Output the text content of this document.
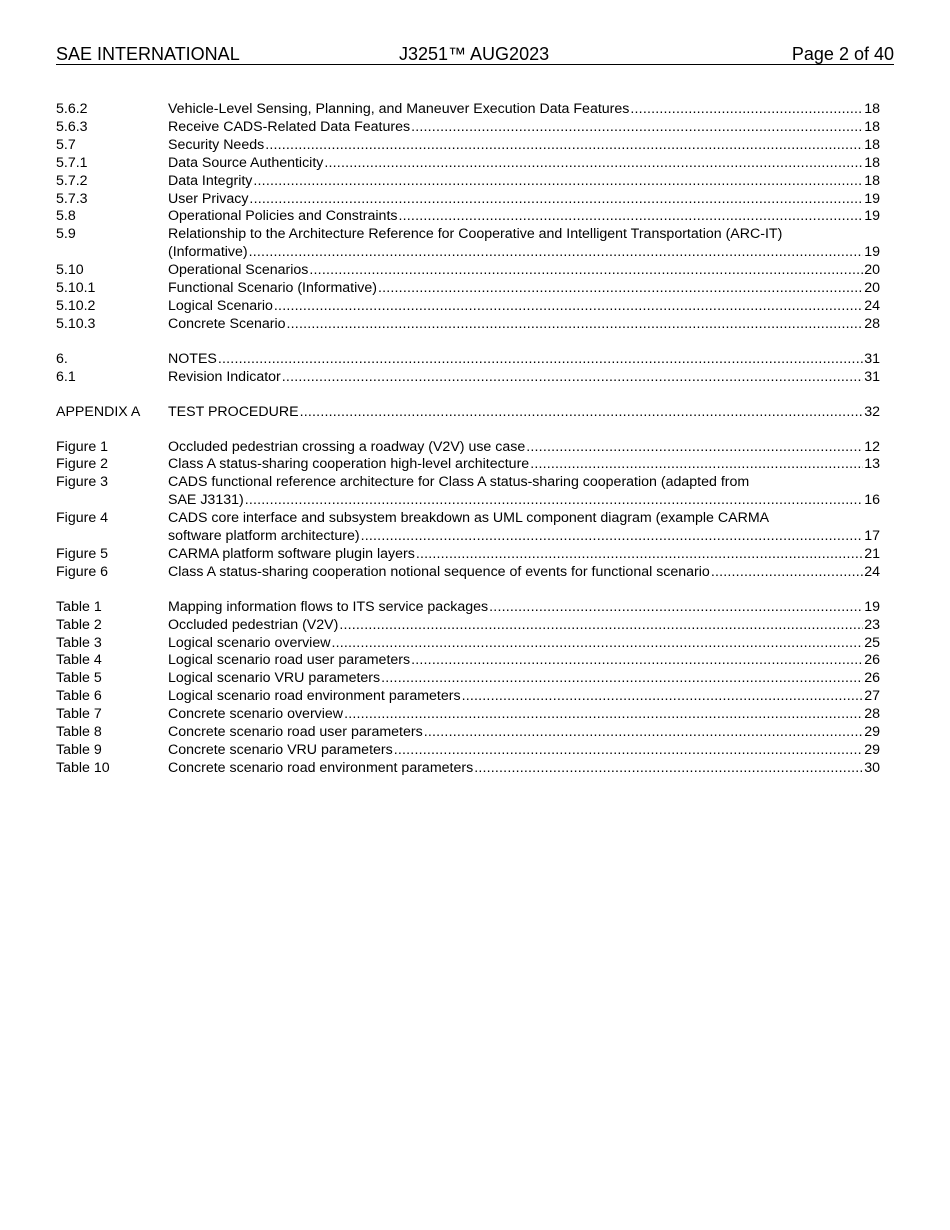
SAE INTERNATIONAL	J3251™ AUG2023	Page 2 of 40
5.6.2	Vehicle-Level Sensing, Planning, and Maneuver Execution Data Features .....	18
5.6.3	Receive CADS-Related Data Features .....	18
5.7	Security Needs .....	18
5.7.1	Data Source Authenticity .....	18
5.7.2	Data Integrity .....	18
5.7.3	User Privacy .....	19
5.8	Operational Policies and Constraints .....	19
5.9	Relationship to the Architecture Reference for Cooperative and Intelligent Transportation (ARC-IT)
(Informative) .....	19
5.10	Operational Scenarios .....	20
5.10.1	Functional Scenario (Informative) .....	20
5.10.2	Logical Scenario .....	24
5.10.3	Concrete Scenario .....	28
6.	NOTES .....	31
6.1	Revision Indicator .....	31
APPENDIX A	TEST PROCEDURE .....	32
Figure 1	Occluded pedestrian crossing a roadway (V2V) use case .....	12
Figure 2	Class A status-sharing cooperation high-level architecture .....	13
Figure 3	CADS functional reference architecture for Class A status-sharing cooperation (adapted from
SAE J3131) .....	16
Figure 4	CADS core interface and subsystem breakdown as UML component diagram (example CARMA
software platform architecture) .....	17
Figure 5	CARMA platform software plugin layers .....	21
Figure 6	Class A status-sharing cooperation notional sequence of events for functional scenario .....	24
Table 1	Mapping information flows to ITS service packages .....	19
Table 2	Occluded pedestrian (V2V) .....	23
Table 3	Logical scenario overview .....	25
Table 4	Logical scenario road user parameters .....	26
Table 5	Logical scenario VRU parameters .....	26
Table 6	Logical scenario road environment parameters .....	27
Table 7	Concrete scenario overview .....	28
Table 8	Concrete scenario road user parameters .....	29
Table 9	Concrete scenario VRU parameters .....	29
Table 10	Concrete scenario road environment parameters .....	30
